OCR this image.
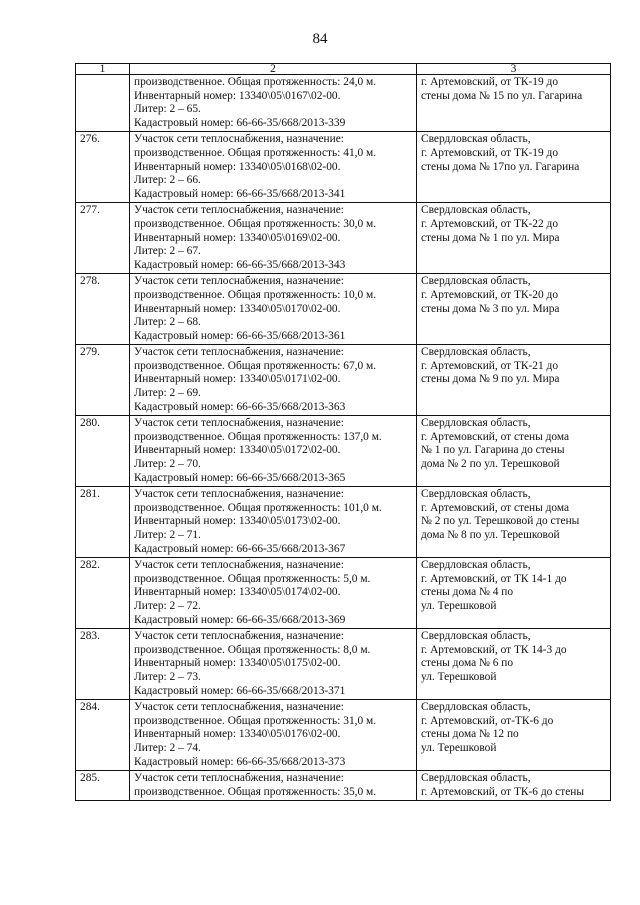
84
1	2	3

	производственное. Общая протяженность: 24,0 м.
Инвентарный номер: 13340\05\0167\02-00.
Литер: 2 – 65.
Кадастровый номер: 66-66-35/668/2013-339	г. Артемовский, от ТК-19 до
стены дома № 15 по ул. Гагарина

276.	Участок сети теплоснабжения, назначение:
производственное. Общая протяженность: 41,0 м.
Инвентарный номер: 13340\05\0168\02-00.
Литер: 2 – 66.
Кадастровый номер: 66-66-35/668/2013-341	Свердловская область,
г. Артемовский, от ТК-19 до
стены дома № 17по ул. Гагарина

277.	Участок сети теплоснабжения, назначение:
производственное. Общая протяженность: 30,0 м.
Инвентарный номер: 13340\05\0169\02-00.
Литер: 2 – 67.
Кадастровый номер: 66-66-35/668/2013-343	Свердловская область,
г. Артемовский, от ТК-22 до
стены дома № 1 по ул. Мира

278.	Участок сети теплоснабжения, назначение:
производственное. Общая протяженность: 10,0 м.
Инвентарный номер: 13340\05\0170\02-00.
Литер: 2 – 68.
Кадастровый номер: 66-66-35/668/2013-361	Свердловская область,
г. Артемовский, от ТК-20 до
стены дома № 3 по ул. Мира

279.	Участок сети теплоснабжения, назначение:
производственное. Общая протяженность: 67,0 м.
Инвентарный номер: 13340\05\0171\02-00.
Литер: 2 – 69.
Кадастровый номер: 66-66-35/668/2013-363	Свердловская область,
г. Артемовский, от ТК-21 до
стены дома № 9 по ул. Мира

280.	Участок сети теплоснабжения, назначение:
производственное. Общая протяженность: 137,0 м.
Инвентарный номер: 13340\05\0172\02-00.
Литер: 2 – 70.
Кадастровый номер: 66-66-35/668/2013-365	Свердловская область,
г. Артемовский, от стены дома
№ 1 по ул. Гагарина до стены
дома № 2 по ул. Терешковой

281.	Участок сети теплоснабжения, назначение:
производственное. Общая протяженность: 101,0 м.
Инвентарный номер: 13340\05\0173\02-00.
Литер: 2 – 71.
Кадастровый номер: 66-66-35/668/2013-367	Свердловская область,
г. Артемовский, от стены дома
№ 2 по ул. Терешковой до стены
дома № 8 по ул. Терешковой

282.	Участок сети теплоснабжения, назначение:
производственное. Общая протяженность: 5,0 м.
Инвентарный номер: 13340\05\0174\02-00.
Литер: 2 – 72.
Кадастровый номер: 66-66-35/668/2013-369	Свердловская область,
г. Артемовский, от ТК 14-1 до
стены дома № 4 по
ул. Терешковой

283.	Участок сети теплоснабжения, назначение:
производственное. Общая протяженность: 8,0 м.
Инвентарный номер: 13340\05\0175\02-00.
Литер: 2 – 73.
Кадастровый номер: 66-66-35/668/2013-371	Свердловская область,
г. Артемовский, от ТК 14-3 до
стены дома № 6 по
ул. Терешковой

284.	Участок сети теплоснабжения, назначение:
производственное. Общая протяженность: 31,0 м.
Инвентарный номер: 13340\05\0176\02-00.
Литер: 2 – 74.
Кадастровый номер: 66-66-35/668/2013-373	Свердловская область,
г. Артемовский, от-ТК-6 до
стены дома № 12 по
ул. Терешковой

285.	Участок сети теплоснабжения, назначение:
производственное. Общая протяженность: 35,0 м.	Свердловская область,
г. Артемовский, от ТК-6 до стены
